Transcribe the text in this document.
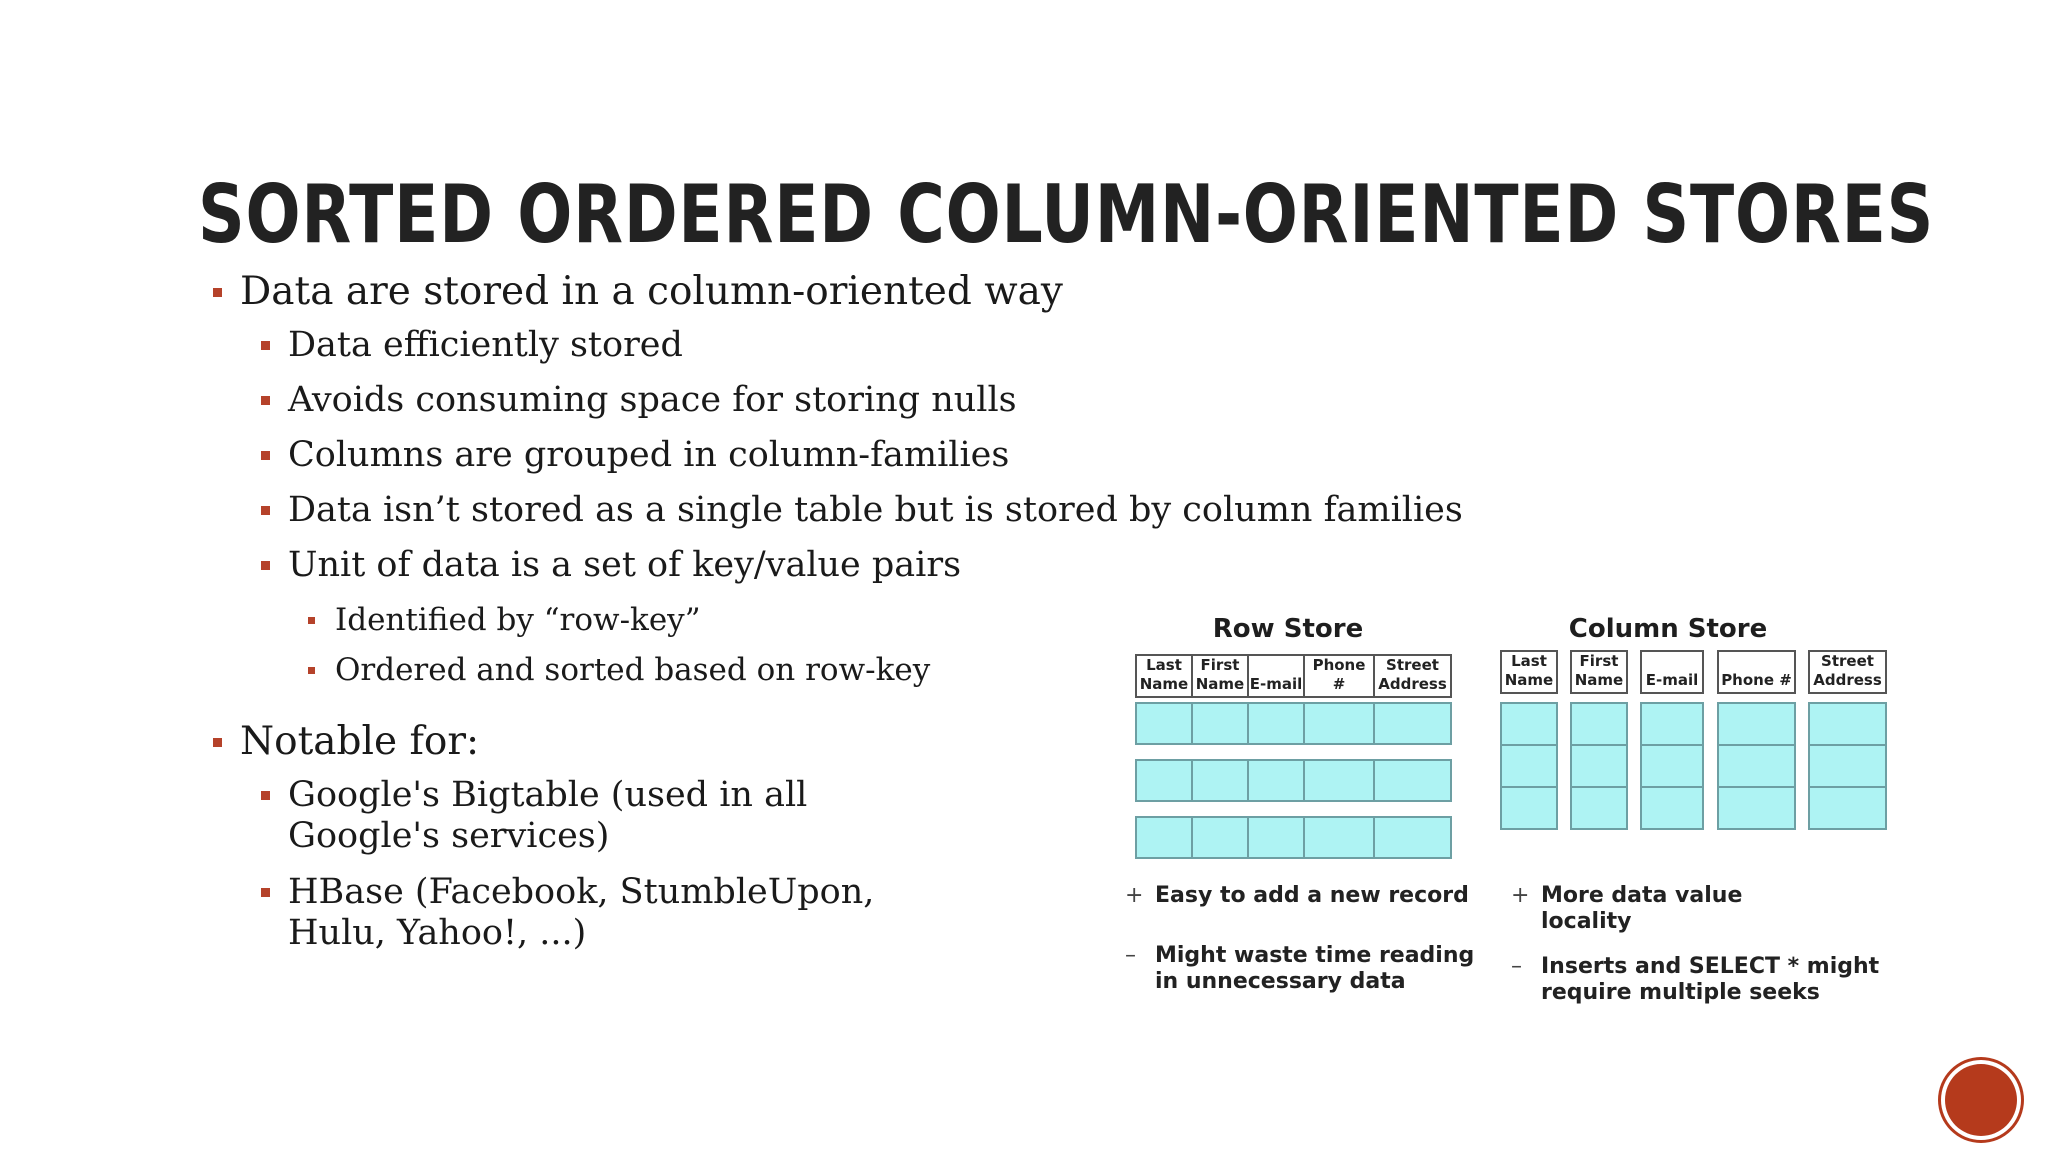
SORTED ORDERED COLUMN-ORIENTED STORES
Data are stored in a column-oriented way
Data efficiently stored
Avoids consuming space for storing nulls
Columns are grouped in column-families
Data isn’t stored as a single table but is stored by column families
Unit of data is a set of key/value pairs
Identified by “row-key”
Ordered and sorted based on row-key
Notable for:
Google's Bigtable (used in all
Google's services)
HBase (Facebook, StumbleUpon,
Hulu, Yahoo!, ...)
Row Store
Last Name
First Name E-mail
Phone #
Street Address
Column Store
Last Name
First Name	E-mail	Phone #
Street Address
+ Easy to add a new record
– Might waste time reading
in unnecessary data
+ More data value
locality
– Inserts and SELECT * might
require multiple seeks
